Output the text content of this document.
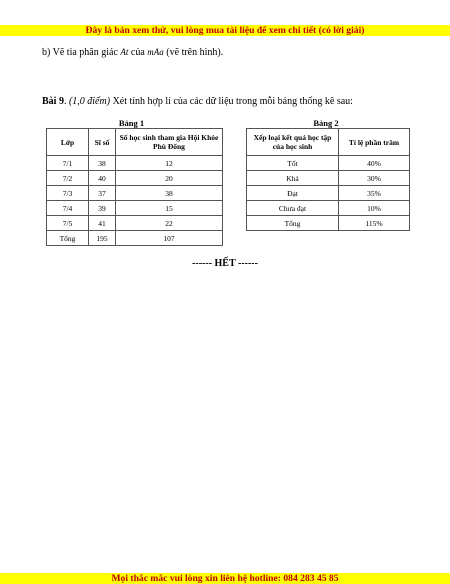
Đây là bản xem thử, vui lòng mua tài liệu để xem chi tiết (có lời giải)
b) Vẽ tia phân giác At của mAa (vẽ trên hình).
Bài 9. (1,0 điểm) Xét tính hợp lí của các dữ liệu trong mỗi bảng thống kê sau:
Bảng 1	Bảng 2
Lớp	Sĩ số	Số học sinh tham gia Hội Khỏe Phù Đổng
7/1	38	12
7/2	40	20
7/3	37	38
7/4	39	15
7/5	41	22
Tổng	195	107
Xếp loại kết quả học tập của học sinh	Tỉ lệ phần trăm
Tốt	40%
Khá	30%
Đạt	35%
Chưa đạt	10%
Tổng	115%
------ HẾT ------
Mọi thắc mắc vui lòng xin liên hệ hotline: 084 283 45 85
